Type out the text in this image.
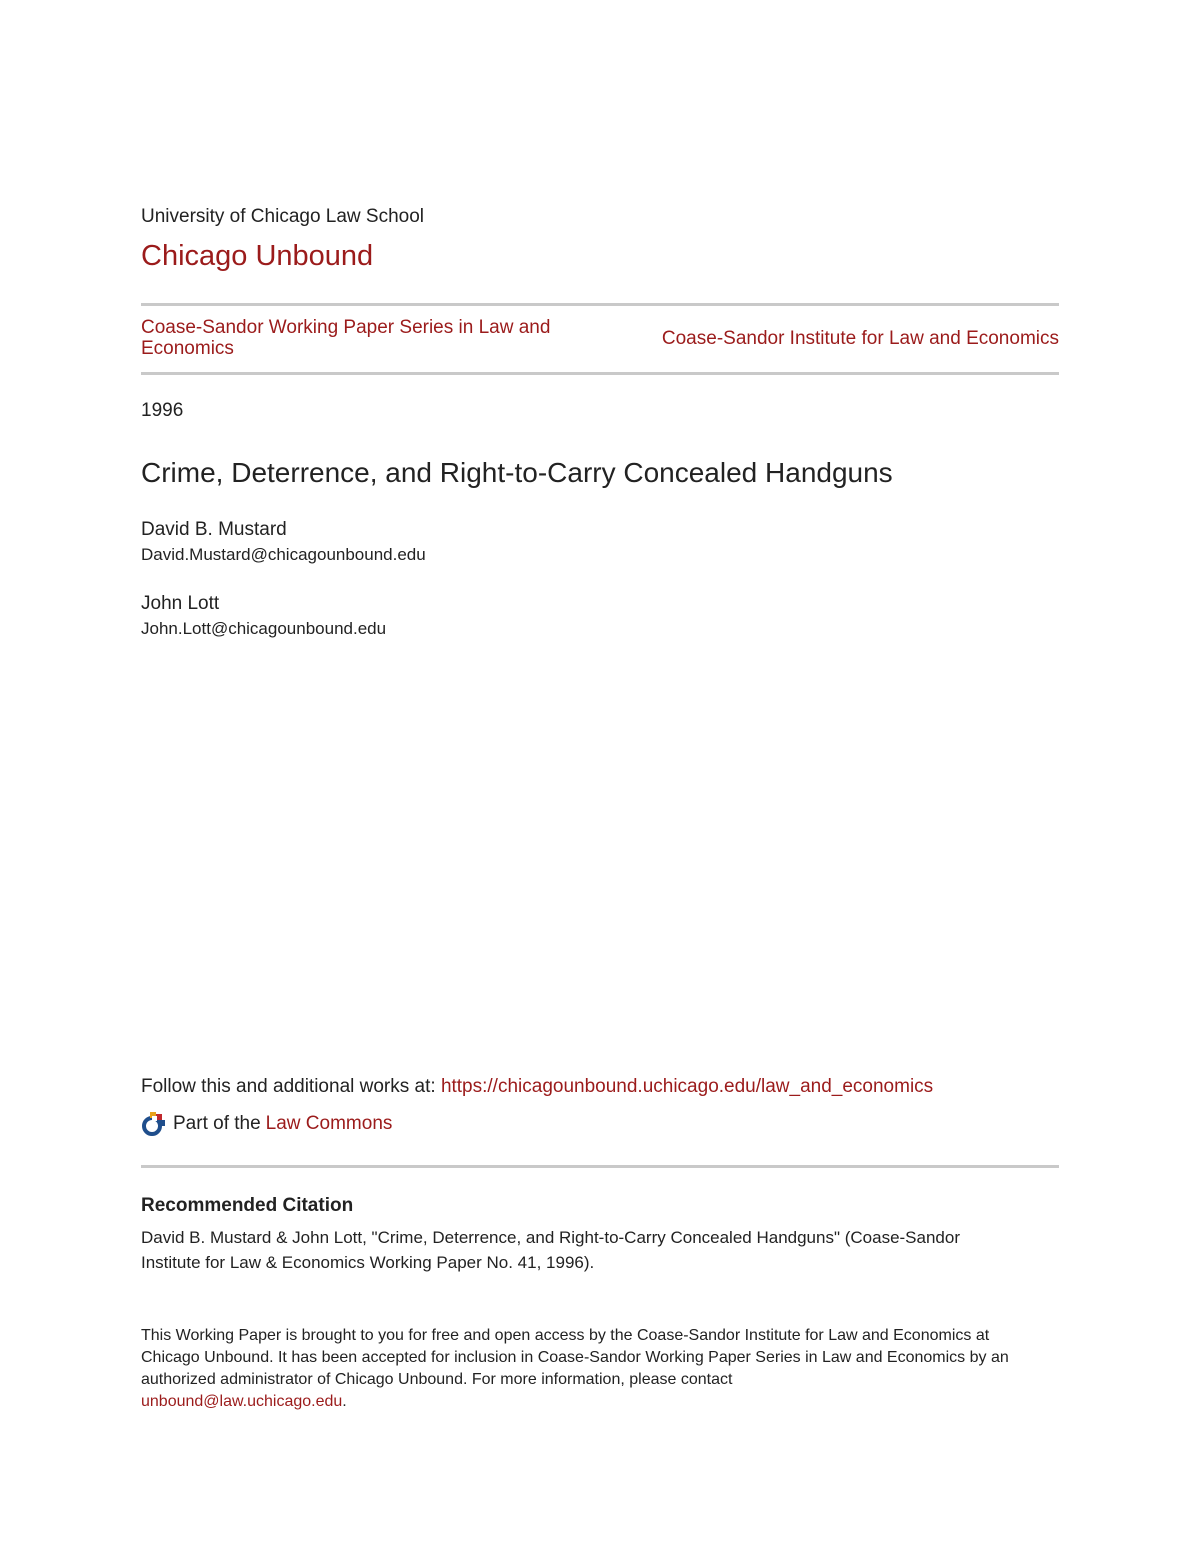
University of Chicago Law School
Chicago Unbound
Coase-Sandor Working Paper Series in Law and Economics	Coase-Sandor Institute for Law and Economics
1996
Crime, Deterrence, and Right-to-Carry Concealed Handguns
David B. Mustard
David.Mustard@chicagounbound.edu
John Lott
John.Lott@chicagounbound.edu
Follow this and additional works at: https://chicagounbound.uchicago.edu/law_and_economics
Part of the Law Commons
Recommended Citation
David B. Mustard & John Lott, "Crime, Deterrence, and Right-to-Carry Concealed Handguns" (Coase-Sandor Institute for Law & Economics Working Paper No. 41, 1996).
This Working Paper is brought to you for free and open access by the Coase-Sandor Institute for Law and Economics at Chicago Unbound. It has been accepted for inclusion in Coase-Sandor Working Paper Series in Law and Economics by an authorized administrator of Chicago Unbound. For more information, please contact
unbound@law.uchicago.edu.
